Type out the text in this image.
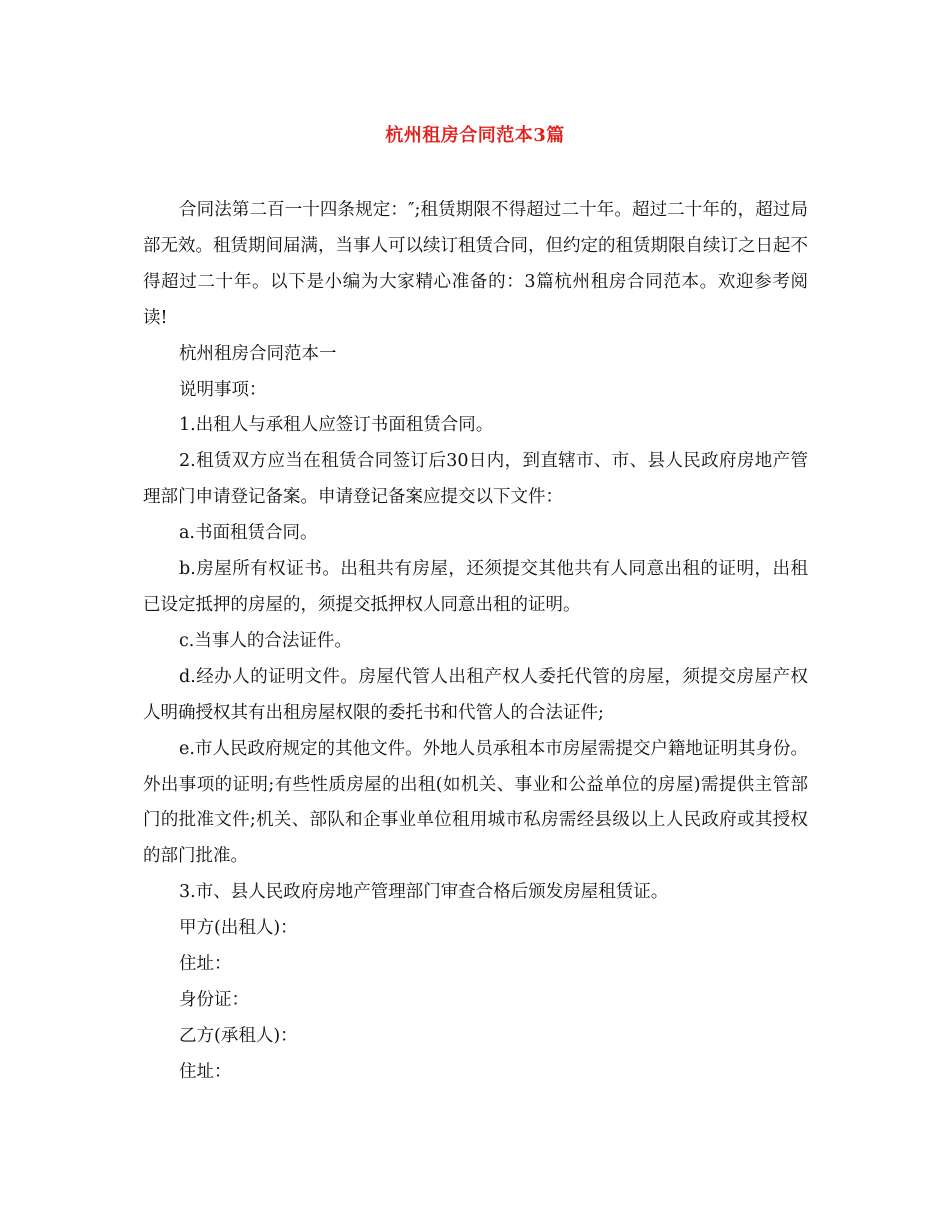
杭州租房合同范本3篇

合同法第二百一十四条规定：″;租赁期限不得超过二十年。超过二十年的，超过局部无效。租赁期间届满，当事人可以续订租赁合同，但约定的租赁期限自续订之日起不得超过二十年。以下是小编为大家精心准备的：3篇杭州租房合同范本。欢迎参考阅读!

杭州租房合同范本一

说明事项：

1.出租人与承租人应签订书面租赁合同。

2.租赁双方应当在租赁合同签订后30日内，到直辖市、市、县人民政府房地产管理部门申请登记备案。申请登记备案应提交以下文件：

a.书面租赁合同。

b.房屋所有权证书。出租共有房屋，还须提交其他共有人同意出租的证明，出租已设定抵押的房屋的，须提交抵押权人同意出租的证明。

c.当事人的合法证件。

d.经办人的证明文件。房屋代管人出租产权人委托代管的房屋，须提交房屋产权人明确授权其有出租房屋权限的委托书和代管人的合法证件;

e.市人民政府规定的其他文件。外地人员承租本市房屋需提交户籍地证明其身份。外出事项的证明;有些性质房屋的出租(如机关、事业和公益单位的房屋)需提供主管部门的批准文件;机关、部队和企事业单位租用城市私房需经县级以上人民政府或其授权的部门批准。

3.市、县人民政府房地产管理部门审查合格后颁发房屋租赁证。

甲方(出租人)：

住址：

身份证：

乙方(承租人)：

住址：
